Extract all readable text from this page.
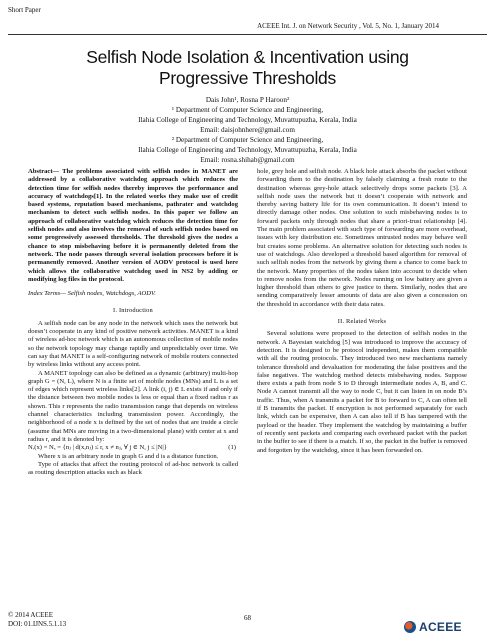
Short Paper
ACEEE Int. J. on Network Security , Vol. 5, No. 1, January 2014
Selfish Node Isolation & Incentivation using
Progressive Thresholds
Dais John¹, Rosna P Haroon²
¹ Department of Computer Science and Engineering,
Ilahia College of Engineering and Technology, Muvattupuzha, Kerala, India
Email: daisjohnhere@gmail.com
² Department of Computer Science and Engineering,
Ilahia College of Engineering and Technology, Muvattupuzha, Kerala, India
Email: rosna.shihab@gmail.com

Abstract— The problems associated with selfish nodes in MANET are addressed by a collaborative watchdog approach which reduces the detection time for selfish nodes thereby improves the performance and accuracy of watchdogs[1]. In the related works they make use of credit based systems, reputation based mechanisms, pathrater and watchdog mechanism to detect such selfish nodes. In this paper we follow an approach of collaborative watchdog which reduces the detection time for selfish nodes and also involves the removal of such selfish nodes based on some progressively assessed thresholds. The threshold gives the nodes a chance to stop misbehaving before it is permanently deleted from the network. The node passes through several isolation processes before it is permanently removed. Another version of AODV protocol is used here which allows the collaborative watchdog used in NS2 by adding or modifying log files in the protocol.

Index Terms— Selfish nodes, Watchdogs, AODV.

I. Introduction

A selfish node can be any node in the network which uses the network but doesn’t cooperate in any kind of positive network activities. MANET is a kind of wireless ad-hoc network which is an autonomous collection of mobile nodes so the network topology may change rapidly and unpredictably over time. We can say that MANET is a self-configuring network of mobile routers connected by wireless links without any access point.

A MANET topology can also be defined as a dynamic (arbitrary) multi-hop graph G = (N, L), where N is a finite set of mobile nodes (MNs) and L is a set of edges which represent wireless links[2]. A link (i, j) ∈ L exists if and only if the distance between two mobile nodes is less or equal than a fixed radius r as shown. This r represents the radio transmission range that depends on wireless channel characteristics including transmission power. Accordingly, the neighborhood of a node x is defined by the set of nodes that are inside a circle (assume that MNs are moving in a two-dimensional plane) with center at x and radius r, and it is denoted by:

Nᵣ(x) = Nₓ = {nⱼ | d(x,nⱼ) ≤ r, x ≠ nⱼ, ∀ j ∈ N, j ≤ |N|}	(1)

Where x is an arbitrary node in graph G and d is a distance function.

Type of attacks that affect the routing protocol of ad-hoc network is called as routing description attacks such as black

hole, grey hole and selfish node. A black hole attack absorbs the packet without forwarding them to the destination by falsely claiming a fresh route to the destination whereas grey-hole attack selectively drops some packets [3]. A selfish node uses the network but it doesn’t cooperate with network and thereby saving battery life for its own communication. It doesn’t intend to directly damage other nodes. One solution to such misbehaving nodes is to forward packets only through nodes that share a priori-trust relationship [4]. The main problem associated with such type of forwarding are more overhead, issues with key distribution etc. Sometimes untrusted nodes may behave well but creates some problems. An alternative solution for detecting such nodes is use of watchdogs. Also developed a threshold based algorithm for removal of such selfish nodes from the network by giving them a chance to come back to the network. Many properties of the nodes taken into account to decide when to remove nodes from the network. Nodes running on low battery are given a higher threshold than others to give justice to them. Similarly, nodes that are sending comparatively lesser amounts of data are also given a concession on the threshold in accordance with their data rates.

II. Related Works

Several solutions were proposed to the detection of selfish nodes in the network. A Bayesian watchdog [5] was introduced to improve the accuracy of detection. It is designed to be protocol independent, makes them compatible with all the routing protocols. They introduced two new mechanisms namely tolerance threshold and devaluation for moderating the false positives and the false negatives. The watchdog method detects misbehaving nodes. Suppose there exists a path from node S to D through intermediate nodes A, B, and C. Node A cannot transmit all the way to node C, but it can listen in on node B’s traffic. Thus, when A transmits a packet for B to forward to C, A can often tell if B transmits the packet. If encryption is not performed separately for each link, which can be expensive, then A can also tell if B has tampered with the payload or the header. They implement the watchdog by maintaining a buffer of recently sent packets and comparing each overheard packet with the packet in the buffer to see if there is a match. If so, the packet in the buffer is removed and forgotten by the watchdog, since it has been forwarded on.

© 2014 ACEEE
DOI: 01.IJNS.5.1.13
68
ACEEE
